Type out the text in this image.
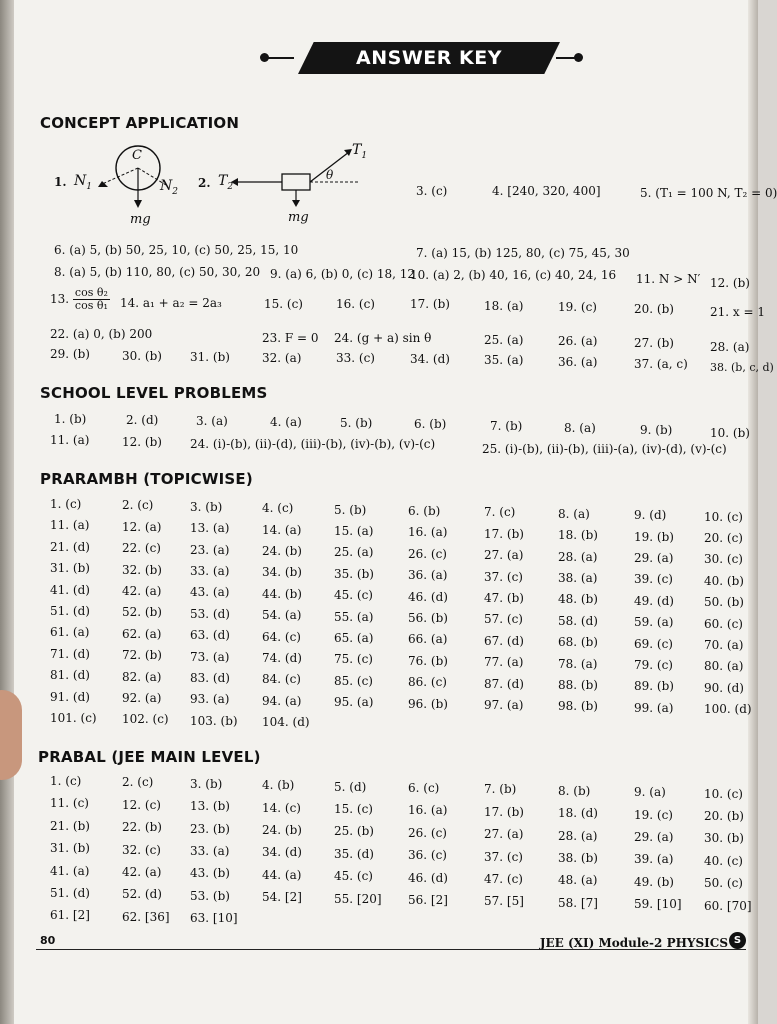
ANSWER KEY
CONCEPT APPLICATION
1. $N_1$
C
$N_2$
mg
2. $T_2$
$T_1$
θ
mg
3. (c)	4. [240, 320, 400]	5. (T₁ = 100 N, T₂ = 0)
6. (a) 5, (b) 50, 25, 10, (c) 50, 25, 15, 10	7. (a) 15, (b) 125, 80, (c) 75, 45, 30
8. (a) 5, (b) 110, 80, (c) 50, 30, 20 9. (a) 6, (b) 0, (c) 18, 12
10. (a) 2, (b) 40, 16, (c) 40, 24, 16 11. N > N′ 12. (b)
13. $\frac{\text{cos θ₂}}{\text{cos θ₁}} 14$. a₁ + a₂ = 2a₃	15. (c)	16. (c)	17. (b)	18. (a)	19. (c)	20. (b)	21. x = 1
22. (a) 0, (b) 200	23. F = 0 24. (g + a) sin θ	25. (a)	26. (a)	27. (b)	28. (a)
29. (b)	30. (b) 31. (b)	32. (a)	33. (c)	34. (d)	35. (a)	36. (a)	37. (a, c) 38. (b, c, d)
SCHOOL LEVEL PROBLEMS
1. (b)	2. (d)	3. (a)	4. (a)	5. (b)	6. (b)	7. (b)	8. (a)	9. (b)	10. (b)
11. (a)	12. (b) 24. (i)-(b), (ii)-(d), (iii)-(b), (iv)-(b), (v)-(c)	25. (i)-(b), (ii)-(b), (iii)-(a), (iv)-(d), (v)-(c)
PRARAMBH (TOPICWISE)
1. (c)	2. (c)	3. (b)	4. (c)	5. (b)	6. (b)	7. (c)	8. (a)	9. (d)	10. (c)
11. (a)	12. (a) 13. (a)	14. (a)	15. (a)	16. (a)	17. (b)	18. (b)	19. (b)	20. (c)
21. (d)	22. (c) 23. (a)	24. (b)	25. (a)	26. (c)	27. (a)	28. (a)	29. (a)	30. (c)
31. (b)	32. (b) 33. (a)	34. (b)	35. (b)	36. (a)	37. (c)	38. (a)	39. (c)	40. (b)
41. (d)	42. (a) 43. (a)	44. (b)	45. (c)	46. (d)	47. (b)	48. (b)	49. (d)	50. (b)
51. (d)	52. (b) 53. (d)	54. (a)	55. (a)	56. (b)	57. (c)	58. (d)	59. (a)	60. (c)
61. (a)	62. (a) 63. (d)	64. (c)	65. (a)	66. (a)	67. (d)	68. (b)	69. (c)	70. (a)
71. (d)	72. (b) 73. (a)	74. (d)	75. (c)	76. (b)	77. (a)	78. (a)	79. (c)	80. (a)
81. (d)	82. (a) 83. (d)	84. (c)	85. (c)	86. (c)	87. (d)	88. (b)	89. (b)	90. (d)
91. (d)	92. (a) 93. (a)	94. (a)	95. (a)	96. (b)	97. (a)	98. (b)	99. (a)	100. (d)
101. (c) 102. (c) 103. (b) 104. (d)
PRABAL (JEE MAIN LEVEL)
1. (c)	2. (c)	3. (b)	4. (b)	5. (d)	6. (c)	7. (b)	8. (b)	9. (a)	10. (c)
11. (c)	12. (c) 13. (b)	14. (c)	15. (c)	16. (a)	17. (b)	18. (d)	19. (c)	20. (b)
21. (b)	22. (b) 23. (b)	24. (b)	25. (b)	26. (c)	27. (a)	28. (a)	29. (a)	30. (b)
31. (b)	32. (c) 33. (a)	34. (d)	35. (d)	36. (c)	37. (c)	38. (b)	39. (a)	40. (c)
41. (a)	42. (a) 43. (b)	44. (a)	45. (c)	46. (d)	47. (c)	48. (a)	49. (b)	50. (c)
51. (d)	52. (d) 53. (b)	54. [2]	55. [20] 56. [2]	57. [5]	58. [7]	59. [10] 60. [70]
61. [2]	62. [36] 63. [10]
80	JEE (XI) Module-2 PHYSICS S
